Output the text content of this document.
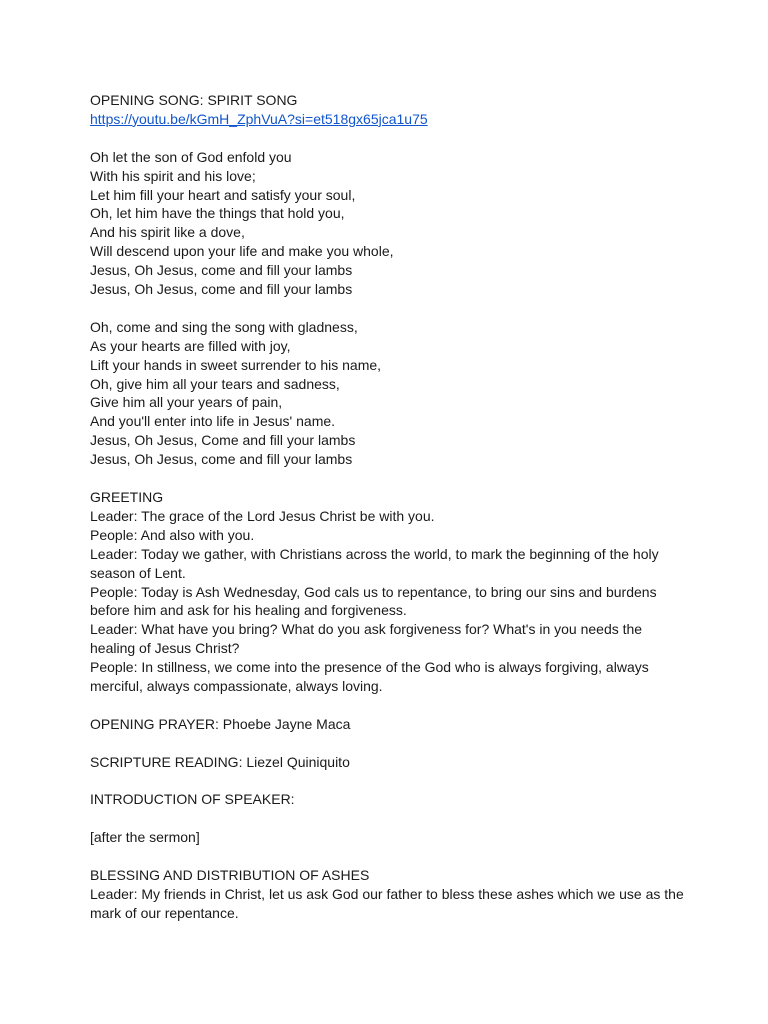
OPENING SONG: SPIRIT SONG
https://youtu.be/kGmH_ZphVuA?si=et518gx65jca1u75
Oh let the son of God enfold you
With his spirit and his love;
Let him fill your heart and satisfy your soul,
Oh, let him have the things that hold you,
And his spirit like a dove,
Will descend upon your life and make you whole,
Jesus, Oh Jesus, come and fill your lambs
Jesus, Oh Jesus, come and fill your lambs
Oh, come and sing the song with gladness,
As your hearts are filled with joy,
Lift your hands in sweet surrender to his name,
Oh, give him all your tears and sadness,
Give him all your years of pain,
And you'll enter into life in Jesus' name.
Jesus, Oh Jesus, Come and fill your lambs
Jesus, Oh Jesus, come and fill your lambs
GREETING
Leader: The grace of the Lord Jesus Christ be with you.
People: And also with you.
Leader: Today we gather, with Christians across the world, to mark the beginning of the holy season of Lent.
People: Today is Ash Wednesday, God cals us to repentance, to bring our sins and burdens before him and ask for his healing and forgiveness.
Leader: What have you bring? What do you ask forgiveness for? What's in you needs the healing of Jesus Christ?
People: In stillness, we come into the presence of the God who is always forgiving, always merciful, always compassionate, always loving.
OPENING PRAYER: Phoebe Jayne Maca
SCRIPTURE READING: Liezel Quiniquito
INTRODUCTION OF SPEAKER:
[after the sermon]
BLESSING AND DISTRIBUTION OF ASHES
Leader: My friends in Christ, let us ask God our father to bless these ashes which we use as the mark of our repentance.
